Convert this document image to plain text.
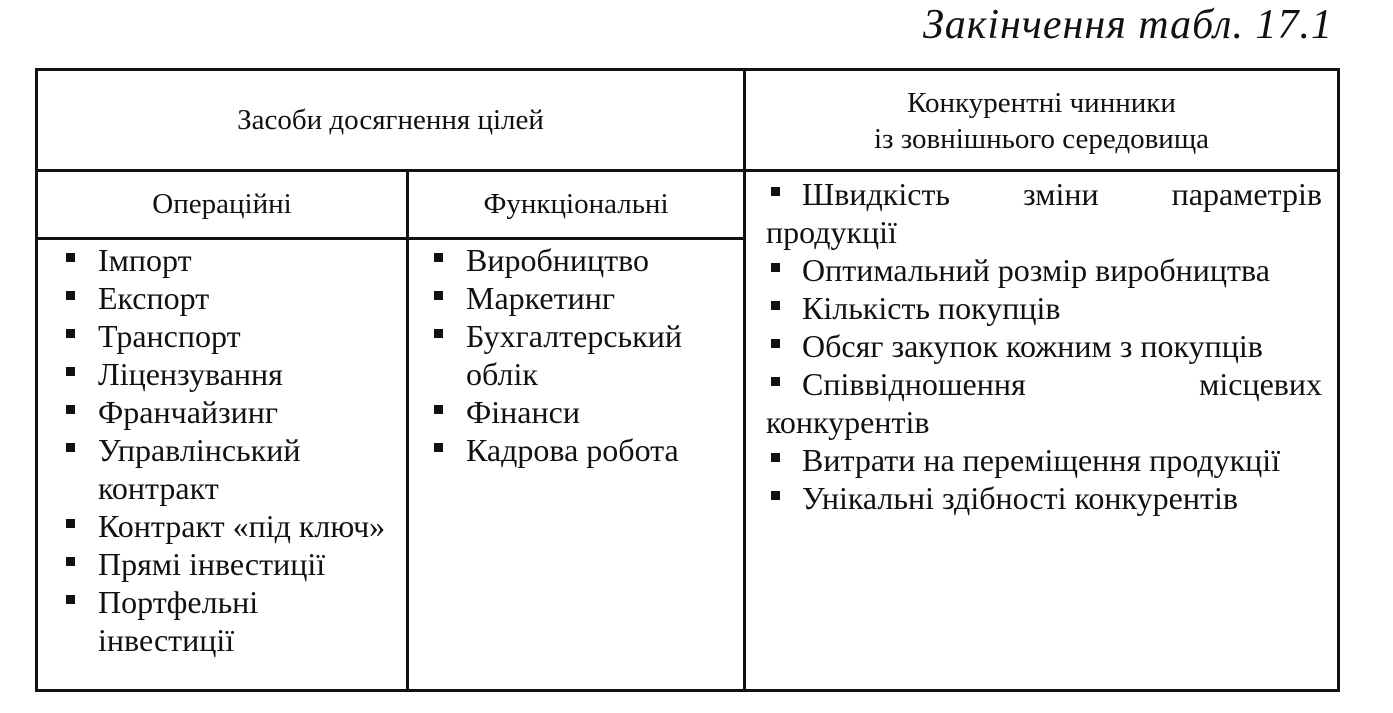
Закінчення табл. 17.1
Засоби досягнення цілей
Конкурентні чинники
із зовнішнього середовища
Операційні	Функціональні
Імпорт
Експорт
Транспорт
Ліцензування
Франчайзинг
Управлінський контракт
Контракт «під ключ»
Прямі інвестиції
Портфельні інвестиції
Виробництво
Маркетинг
Бухгалтерський облік
Фінанси
Кадрова робота
Швидкість зміни параметрів продукції
Оптимальний розмір виробництва
Кількість покупців
Обсяг закупок кожним з покупців
Співвідношення місцевих конкурентів
Витрати на переміщення продукції
Унікальні здібності конкурентів
